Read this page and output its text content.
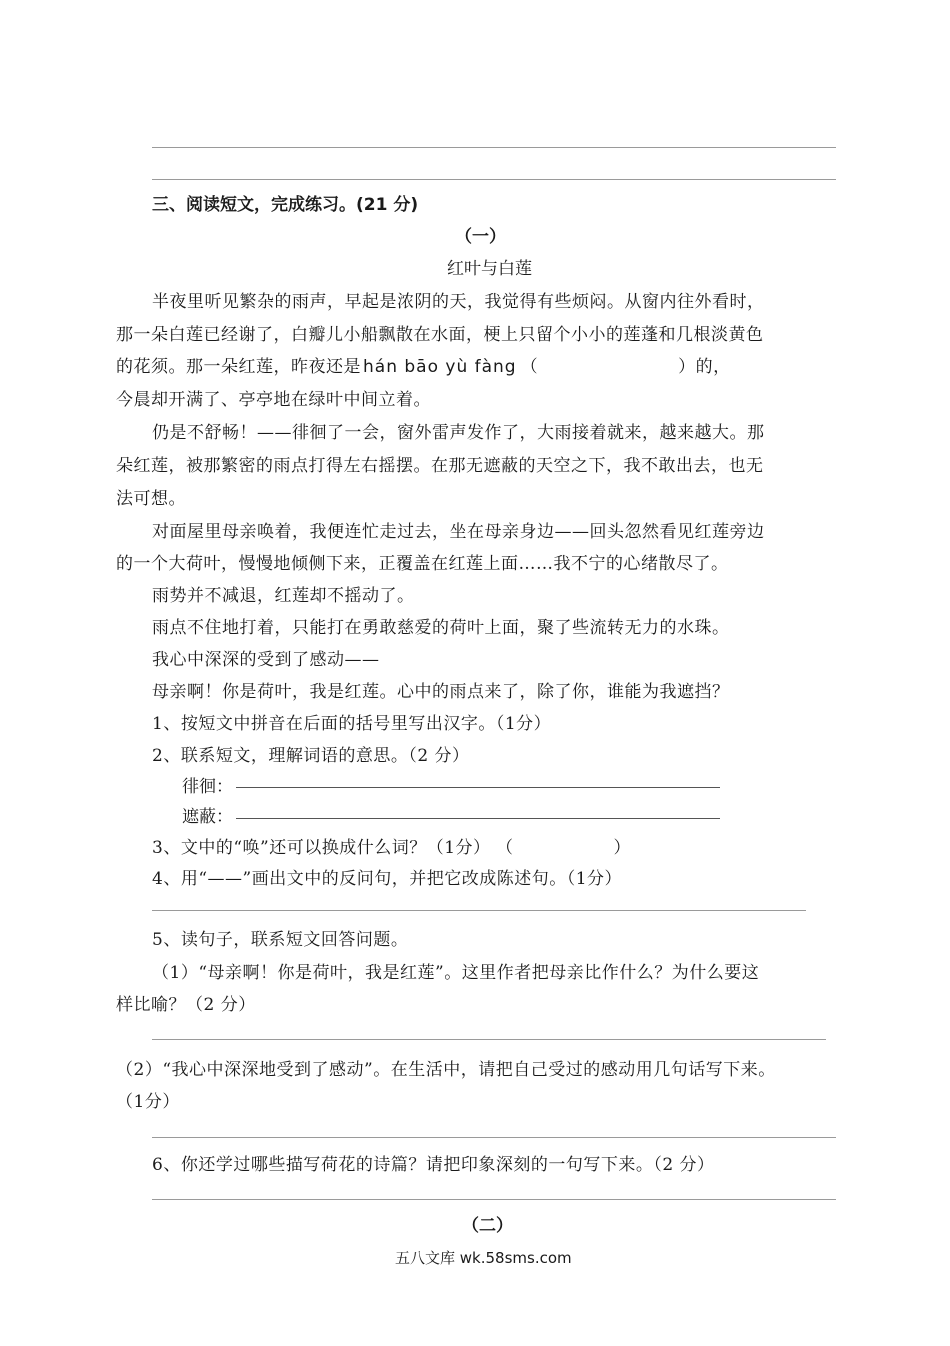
三、阅读短文，完成练习。(21 分)
（一）
红叶与白莲
半夜里听见繁杂的雨声，早起是浓阴的天，我觉得有些烦闷。从窗内往外看时，
那一朵白莲已经谢了，白瓣儿小船飘散在水面，梗上只留个小小的莲蓬和几根淡黄色
的花须。那一朵红莲，昨夜还是 hán bāo yù fàng （	）的，
今晨却开满了、亭亭地在绿叶中间立着。
仍是不舒畅！——徘徊了一会，窗外雷声发作了，大雨接着就来，越来越大。那
朵红莲，被那繁密的雨点打得左右摇摆。在那无遮蔽的天空之下，我不敢出去，也无
法可想。
对面屋里母亲唤着，我便连忙走过去，坐在母亲身边——回头忽然看见红莲旁边
的一个大荷叶，慢慢地倾侧下来，正覆盖在红莲上面……我不宁的心绪散尽了。
雨势并不减退，红莲却不摇动了。
雨点不住地打着，只能打在勇敢慈爱的荷叶上面，聚了些流转无力的水珠。
我心中深深的受到了感动——
母亲啊！你是荷叶，我是红莲。心中的雨点来了，除了你，谁能为我遮挡？
1、按短文中拼音在后面的括号里写出汉字。（1分）
2、联系短文，理解词语的意思。（2 分）
徘徊：
遮蔽：
3、文中的“唤”还可以换成什么词？（1分） （	）
4、用“——”画出文中的反问句，并把它改成陈述句。（1分）
5、读句子，联系短文回答问题。
（1）“母亲啊！你是荷叶，我是红莲”。这里作者把母亲比作什么？为什么要这
样比喻？（2 分）
（2）“我心中深深地受到了感动”。在生活中，请把自己受过的感动用几句话写下来。
（1分）
6、你还学过哪些描写荷花的诗篇？请把印象深刻的一句写下来。（2 分）
（二）
五八文库 wk.58sms.com
